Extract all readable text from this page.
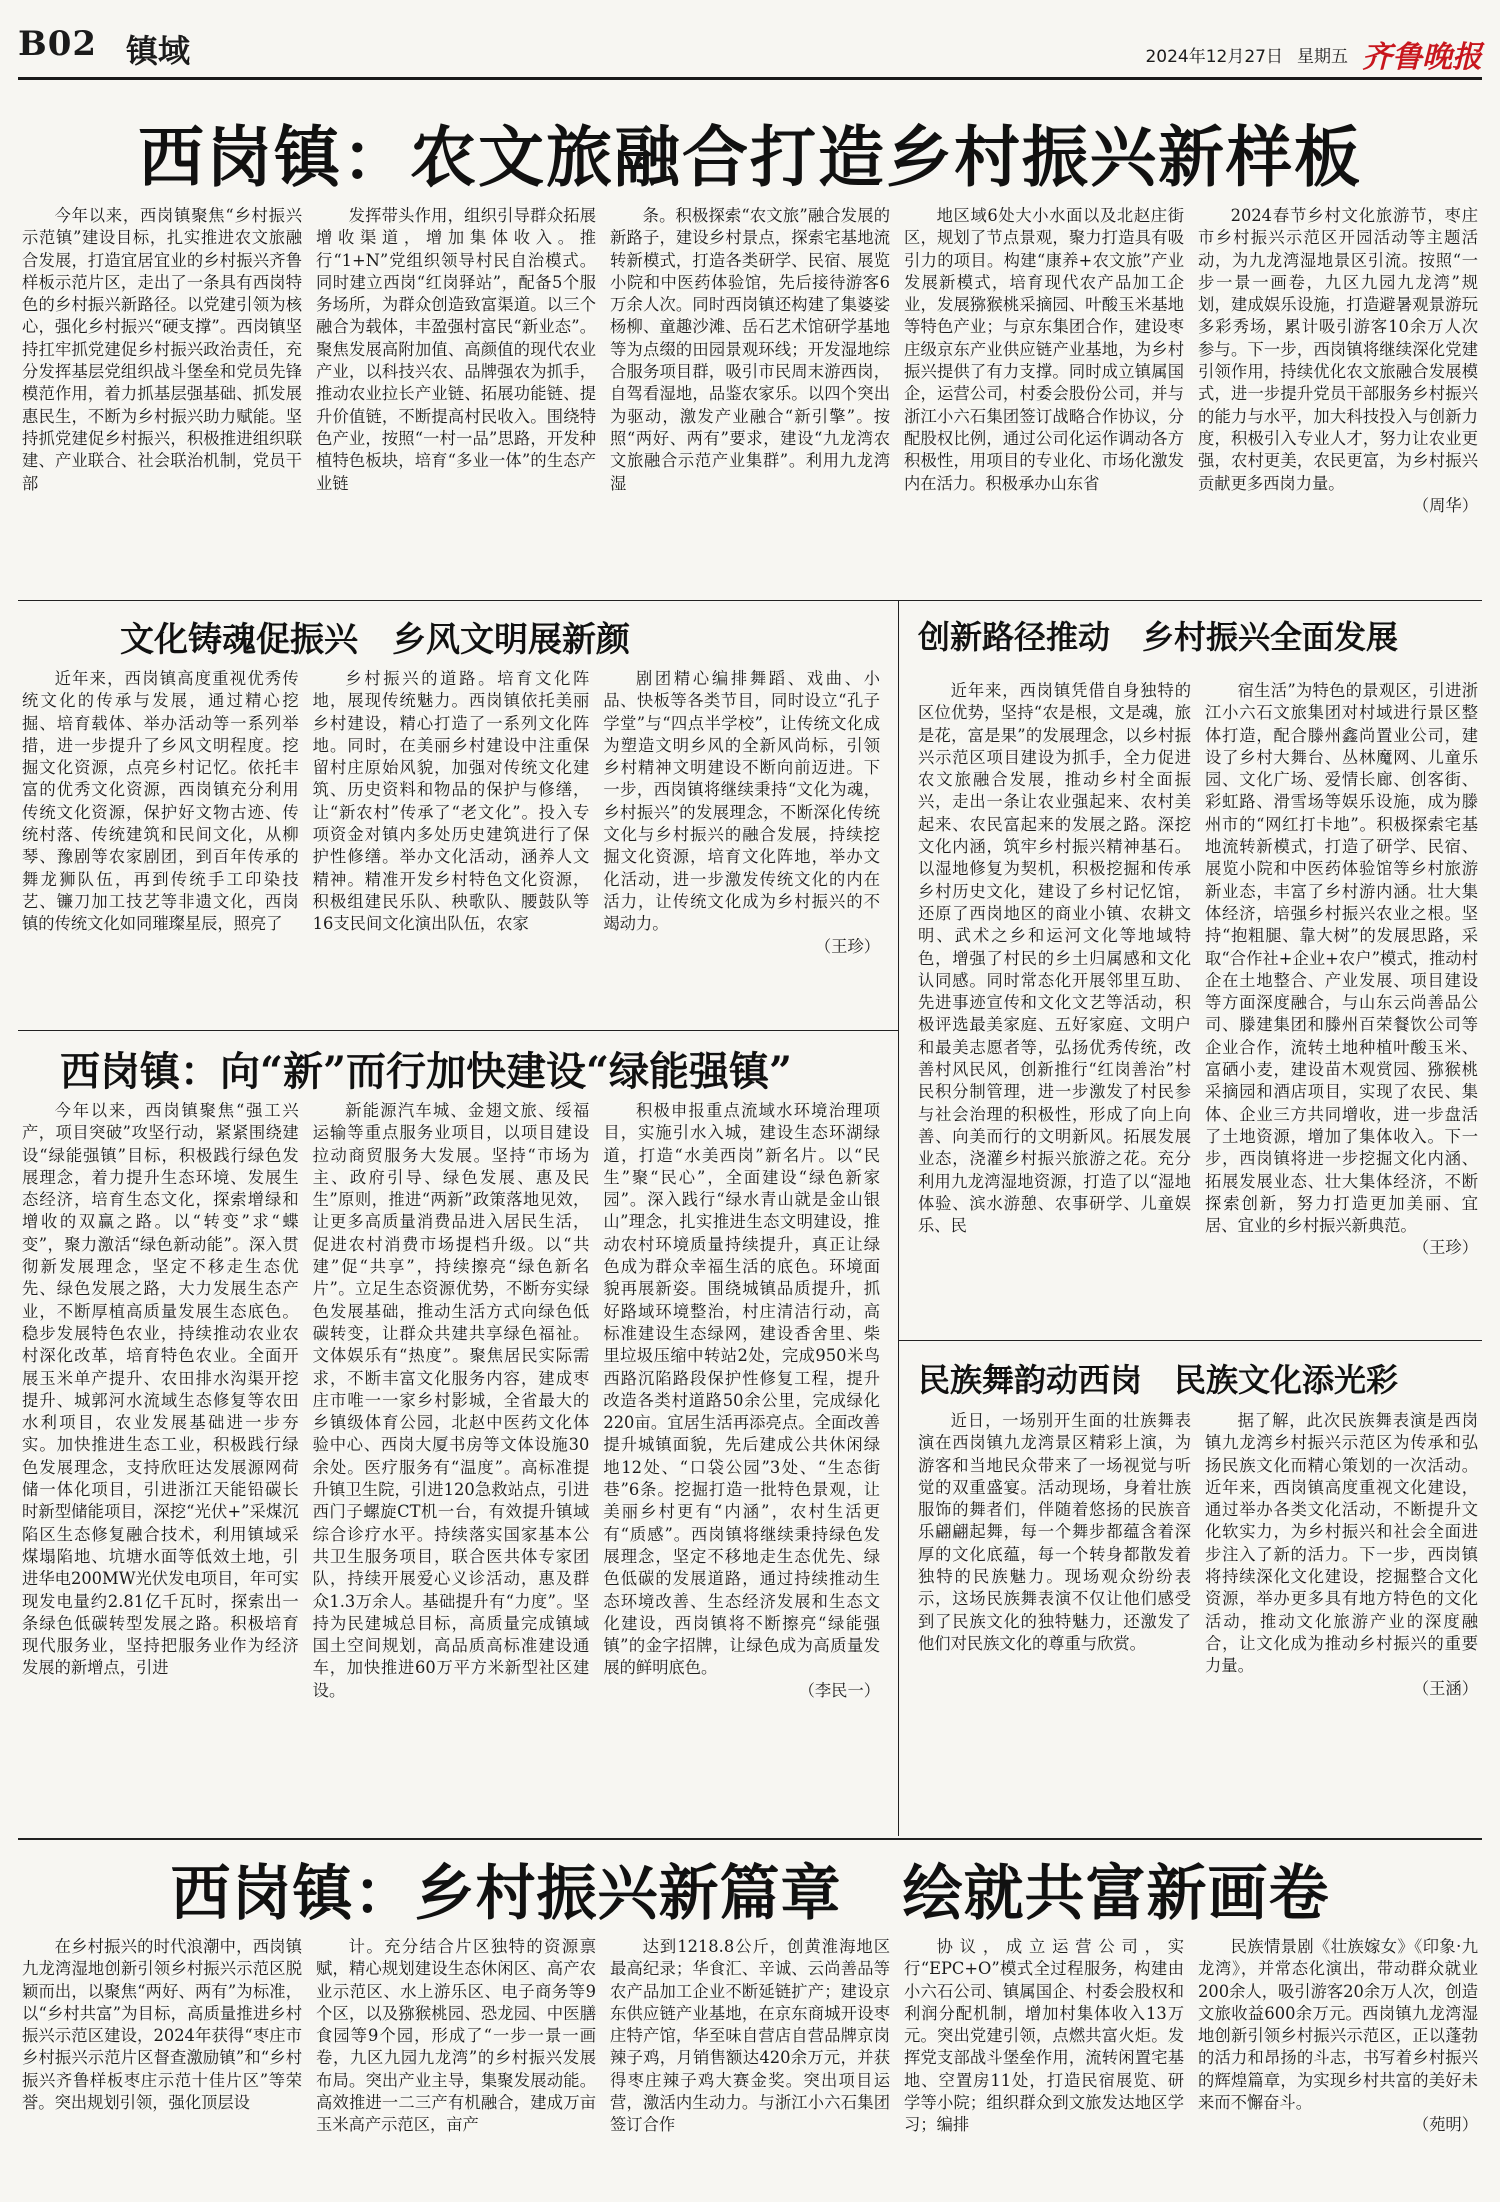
B02 镇域	2024年12月27日 星期五 齐鲁晚报
西岗镇：农文旅融合打造乡村振兴新样板

今年以来，西岗镇聚焦“乡村振兴示范镇”建设目标，扎实推进农文旅融合发展，打造宜居宜业的乡村振兴齐鲁样板示范片区，走出了一条具有西岗特色的乡村振兴新路径。以党建引领为核心，强化乡村振兴“硬支撑”。西岗镇坚持扛牢抓党建促乡村振兴政治责任，充分发挥基层党组织战斗堡垒和党员先锋模范作用，着力抓基层强基础、抓发展惠民生，不断为乡村振兴助力赋能。坚持抓党建促乡村振兴，积极推进组织联建、产业联合、社会联治机制，党员干部

发挥带头作用，组织引导群众拓展增收渠道，增加集体收入。推行“1+N”党组织领导村民自治模式。同时建立西岗“红岗驿站”，配备5个服务场所，为群众创造致富渠道。以三个融合为载体，丰盈强村富民“新业态”。聚焦发展高附加值、高颜值的现代农业产业，以科技兴农、品牌强农为抓手，推动农业拉长产业链、拓展功能链、提升价值链，不断提高村民收入。围绕特色产业，按照“一村一品”思路，开发种植特色板块，培育“多业一体”的生态产业链

条。积极探索“农文旅”融合发展的新路子，建设乡村景点，探索宅基地流转新模式，打造各类研学、民宿、展览小院和中医药体验馆，先后接待游客6万余人次。同时西岗镇还构建了集婆娑杨柳、童趣沙滩、岳石艺术馆研学基地等为点缀的田园景观环线；开发湿地综合服务项目群，吸引市民周末游西岗，自驾看湿地，品鉴农家乐。以四个突出为驱动，激发产业融合“新引擎”。按照“两好、两有”要求，建设“九龙湾农文旅融合示范产业集群”。利用九龙湾湿

地区域6处大小水面以及北赵庄街区，规划了节点景观，聚力打造具有吸引力的项目。构建“康养+农文旅”产业发展新模式，培育现代农产品加工企业，发展猕猴桃采摘园、叶酸玉米基地等特色产业；与京东集团合作，建设枣庄级京东产业供应链产业基地，为乡村振兴提供了有力支撑。同时成立镇属国企，运营公司，村委会股份公司，并与浙江小六石集团签订战略合作协议，分配股权比例，通过公司化运作调动各方积极性，用项目的专业化、市场化激发内在活力。积极承办山东省

2024春节乡村文化旅游节，枣庄市乡村振兴示范区开园活动等主题活动，为九龙湾湿地景区引流。按照“一步一景一画卷，九区九园九龙湾”规划，建成娱乐设施，打造避暑观景游玩多彩秀场，累计吸引游客10余万人次参与。下一步，西岗镇将继续深化党建引领作用，持续优化农文旅融合发展模式，进一步提升党员干部服务乡村振兴的能力与水平，加大科技投入与创新力度，积极引入专业人才，努力让农业更强，农村更美，农民更富，为乡村振兴贡献更多西岗力量。

（周华）
文化铸魂促振兴　乡风文明展新颜

近年来，西岗镇高度重视优秀传统文化的传承与发展，通过精心挖掘、培育载体、举办活动等一系列举措，进一步提升了乡风文明程度。挖掘文化资源，点亮乡村记忆。依托丰富的优秀文化资源，西岗镇充分利用传统文化资源，保护好文物古迹、传统村落、传统建筑和民间文化，从柳琴、豫剧等农家剧团，到百年传承的舞龙狮队伍，再到传统手工印染技艺、镰刀加工技艺等非遗文化，西岗镇的传统文化如同璀璨星辰，照亮了

乡村振兴的道路。培育文化阵地，展现传统魅力。西岗镇依托美丽乡村建设，精心打造了一系列文化阵地。同时，在美丽乡村建设中注重保留村庄原始风貌，加强对传统文化建筑、历史资料和物品的保护与修缮，让“新农村”传承了“老文化”。投入专项资金对镇内多处历史建筑进行了保护性修缮。举办文化活动，涵养人文精神。精准开发乡村特色文化资源，积极组建民乐队、秧歌队、腰鼓队等16支民间文化演出队伍，农家

剧团精心编排舞蹈、戏曲、小品、快板等各类节目，同时设立“孔子学堂”与“四点半学校”，让传统文化成为塑造文明乡风的全新风尚标，引领乡村精神文明建设不断向前迈进。下一步，西岗镇将继续秉持“文化为魂，乡村振兴”的发展理念，不断深化传统文化与乡村振兴的融合发展，持续挖掘文化资源，培育文化阵地，举办文化活动，进一步激发传统文化的内在活力，让传统文化成为乡村振兴的不竭动力。

（王珍）
创新路径推动　乡村振兴全面发展

近年来，西岗镇凭借自身独特的区位优势，坚持“农是根，文是魂，旅是花，富是果”的发展理念，以乡村振兴示范区项目建设为抓手，全力促进农文旅融合发展，推动乡村全面振兴，走出一条让农业强起来、农村美起来、农民富起来的发展之路。深挖文化内涵，筑牢乡村振兴精神基石。以湿地修复为契机，积极挖掘和传承乡村历史文化，建设了乡村记忆馆，还原了西岗地区的商业小镇、农耕文明、武术之乡和运河文化等地域特色，增强了村民的乡土归属感和文化认同感。同时常态化开展邻里互助、先进事迹宣传和文化文艺等活动，积极评选最美家庭、五好家庭、文明户和最美志愿者等，弘扬优秀传统，改善村风民风，创新推行“红岗善治”村民积分制管理，进一步激发了村民参与社会治理的积极性，形成了向上向善、向美而行的文明新风。拓展发展业态，浇灌乡村振兴旅游之花。充分利用九龙湾湿地资源，打造了以“湿地体验、滨水游憩、农事研学、儿童娱乐、民

宿生活”为特色的景观区，引进浙江小六石文旅集团对村域进行景区整体打造，配合滕州鑫尚置业公司，建设了乡村大舞台、丛林魔网、儿童乐园、文化广场、爱情长廊、创客街、彩虹路、滑雪场等娱乐设施，成为滕州市的“网红打卡地”。积极探索宅基地流转新模式，打造了研学、民宿、展览小院和中医药体验馆等乡村旅游新业态，丰富了乡村游内涵。壮大集体经济，培强乡村振兴农业之根。坚持“抱粗腿、靠大树”的发展思路，采取“合作社+企业+农户”模式，推动村企在土地整合、产业发展、项目建设等方面深度融合，与山东云尚善品公司、滕建集团和滕州百荣餐饮公司等企业合作，流转土地种植叶酸玉米、富硒小麦，建设苗木观赏园、猕猴桃采摘园和酒店项目，实现了农民、集体、企业三方共同增收，进一步盘活了土地资源，增加了集体收入。下一步，西岗镇将进一步挖掘文化内涵、拓展发展业态、壮大集体经济，不断探索创新，努力打造更加美丽、宜居、宜业的乡村振兴新典范。

（王珍）
西岗镇：向“新”而行加快建设“绿能强镇”

今年以来，西岗镇聚焦“强工兴产，项目突破”攻坚行动，紧紧围绕建设“绿能强镇”目标，积极践行绿色发展理念，着力提升生态环境、发展生态经济，培育生态文化，探索增绿和增收的双赢之路。以“转变”求“蝶变”，聚力激活“绿色新动能”。深入贯彻新发展理念，坚定不移走生态优先、绿色发展之路，大力发展生态产业，不断厚植高质量发展生态底色。稳步发展特色农业，持续推动农业农村深化改革，培育特色农业。全面开展玉米单产提升、农田排水沟渠开挖提升、城郭河水流域生态修复等农田水利项目，农业发展基础进一步夯实。加快推进生态工业，积极践行绿色发展理念，支持欣旺达发展源网荷储一体化项目，引进浙江天能铅碳长时新型储能项目，深挖“光伏+”采煤沉陷区生态修复融合技术，利用镇域采煤塌陷地、坑塘水面等低效土地，引进华电200MW光伏发电项目，年可实现发电量约2.81亿千瓦时，探索出一条绿色低碳转型发展之路。积极培育现代服务业，坚持把服务业作为经济发展的新增点，引进

新能源汽车城、金翅文旅、绥福运输等重点服务业项目，以项目建设拉动商贸服务大发展。坚持“市场为主、政府引导、绿色发展、惠及民生”原则，推进“两新”政策落地见效，让更多高质量消费品进入居民生活，促进农村消费市场提档升级。以“共建”促“共享”，持续擦亮“绿色新名片”。立足生态资源优势，不断夯实绿色发展基础，推动生活方式向绿色低碳转变，让群众共建共享绿色福祉。文体娱乐有“热度”。聚焦居民实际需求，不断丰富文化服务内容，建成枣庄市唯一一家乡村影城，全省最大的乡镇级体育公园，北赵中医药文化体验中心、西岗大厦书房等文体设施30余处。医疗服务有“温度”。高标准提升镇卫生院，引进120急救站点，引进西门子螺旋CT机一台，有效提升镇域综合诊疗水平。持续落实国家基本公共卫生服务项目，联合医共体专家团队，持续开展爱心义诊活动，惠及群众1.3万余人。基础提升有“力度”。坚持为民建城总目标，高质量完成镇域国土空间规划，高品质高标准建设通车，加快推进60万平方米新型社区建设。

积极申报重点流域水环境治理项目，实施引水入城，建设生态环湖绿道，打造“水美西岗”新名片。以“民生”聚“民心”，全面建设“绿色新家园”。深入践行“绿水青山就是金山银山”理念，扎实推进生态文明建设，推动农村环境质量持续提升，真正让绿色成为群众幸福生活的底色。环境面貌再展新姿。围绕城镇品质提升，抓好路域环境整治，村庄清洁行动，高标准建设生态绿网，建设香舍里、柴里垃圾压缩中转站2处，完成950米鸟西路沉陷路段保护性修复工程，提升改造各类村道路50余公里，完成绿化220亩。宜居生活再添亮点。全面改善提升城镇面貌，先后建成公共休闲绿地12处、“口袋公园”3处、“生态街巷”6条。挖掘打造一批特色景观，让美丽乡村更有“内涵”，农村生活更有“质感”。西岗镇将继续秉持绿色发展理念，坚定不移地走生态优先、绿色低碳的发展道路，通过持续推动生态环境改善、生态经济发展和生态文化建设，西岗镇将不断擦亮“绿能强镇”的金字招牌，让绿色成为高质量发展的鲜明底色。

（李民一）
民族舞韵动西岗　民族文化添光彩

近日，一场别开生面的壮族舞表演在西岗镇九龙湾景区精彩上演，为游客和当地民众带来了一场视觉与听觉的双重盛宴。活动现场，身着壮族服饰的舞者们，伴随着悠扬的民族音乐翩翩起舞，每一个舞步都蕴含着深厚的文化底蕴，每一个转身都散发着独特的民族魅力。现场观众纷纷表示，这场民族舞表演不仅让他们感受到了民族文化的独特魅力，还激发了他们对民族文化的尊重与欣赏。

据了解，此次民族舞表演是西岗镇九龙湾乡村振兴示范区为传承和弘扬民族文化而精心策划的一次活动。近年来，西岗镇高度重视文化建设，通过举办各类文化活动，不断提升文化软实力，为乡村振兴和社会全面进步注入了新的活力。下一步，西岗镇将持续深化文化建设，挖掘整合文化资源，举办更多具有地方特色的文化活动，推动文化旅游产业的深度融合，让文化成为推动乡村振兴的重要力量。

（王涵）
西岗镇：乡村振兴新篇章　绘就共富新画卷

在乡村振兴的时代浪潮中，西岗镇九龙湾湿地创新引领乡村振兴示范区脱颖而出，以聚焦“两好、两有”为标准，以“乡村共富”为目标，高质量推进乡村振兴示范区建设，2024年获得“枣庄市乡村振兴示范片区督查激励镇”和“乡村振兴齐鲁样板枣庄示范十佳片区”等荣誉。突出规划引领，强化顶层设

计。充分结合片区独特的资源禀赋，精心规划建设生态休闲区、高产农业示范区、水上游乐区、电子商务等9个区，以及猕猴桃园、恐龙园、中医膳食园等9个园，形成了“一步一景一画卷，九区九园九龙湾”的乡村振兴发展布局。突出产业主导，集聚发展动能。高效推进一二三产有机融合，建成万亩玉米高产示范区，亩产

达到1218.8公斤，创黄淮海地区最高纪录；华食汇、辛诚、云尚善品等农产品加工企业不断延链扩产；建设京东供应链产业基地，在京东商城开设枣庄特产馆，华至味自营店自营品牌京岗辣子鸡，月销售额达420余万元，并获得枣庄辣子鸡大赛金奖。突出项目运营，激活内生动力。与浙江小六石集团签订合作

协议，成立运营公司，实行“EPC+O”模式全过程服务，构建由小六石公司、镇属国企、村委会股权和利润分配机制，增加村集体收入13万元。突出党建引领，点燃共富火炬。发挥党支部战斗堡垒作用，流转闲置宅基地、空置房11处，打造民宿展览、研学等小院；组织群众到文旅发达地区学习；编排

民族情景剧《壮族嫁女》《印象·九龙湾》，并常态化演出，带动群众就业200余人，吸引游客20余万人次，创造文旅收益600余万元。西岗镇九龙湾湿地创新引领乡村振兴示范区，正以蓬勃的活力和昂扬的斗志，书写着乡村振兴的辉煌篇章，为实现乡村共富的美好未来而不懈奋斗。

（苑明）
